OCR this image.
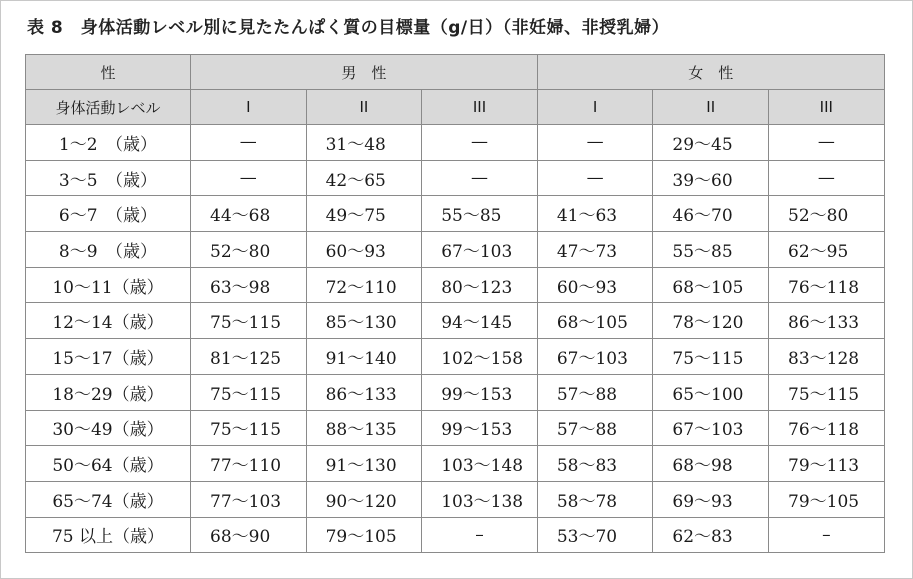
表 8　身体活動レベル別に見たたんぱく質の目標量（g/日）（非妊婦、非授乳婦）
性	男　性			女　性		
身体活動レベル	I	II	III	I	II	III
1～2　（歳）	—	31～48	—	—	29～45	—
3～5　（歳）	—	42～65	—	—	39～60	—
6～7　（歳）	44～68	49～75	55～85	41～63	46～70	52～80
8～9　（歳）	52～80	60～93	67～103	47～73	55～85	62～95
10～11（歳）	63～98	72～110	80～123	60～93	68～105	76～118
12～14（歳）	75～115	85～130	94～145	68～105	78～120	86～133
15～17（歳）	81～125	91～140	102～158	67～103	75～115	83～128
18～29（歳）	75～115	86～133	99～153	57～88	65～100	75～115
30～49（歳）	75～115	88～135	99～153	57～88	67～103	76～118
50～64（歳）	77～110	91～130	103～148	58～83	68～98	79～113
65～74（歳）	77～103	90～120	103～138	58～78	69～93	79～105
75 以上（歳）	68～90	79～105	–	53～70	62～83	–
